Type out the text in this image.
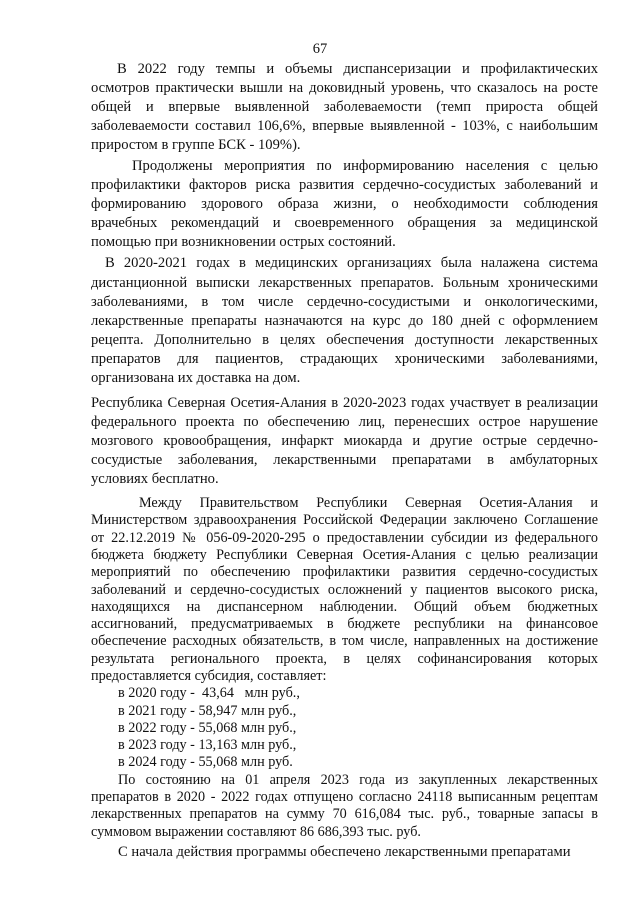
67

В 2022 году темпы и объемы диспансеризации и профилактических осмотров практически вышли на доковидный уровень, что сказалось на росте общей и впервые выявленной заболеваемости (темп прироста общей заболеваемости составил 106,6%, впервые выявленной - 103%, с наибольшим приростом в группе БСК - 109%).

Продолжены мероприятия по информированию населения с целью профилактики факторов риска развития сердечно-сосудистых заболеваний и формированию здорового образа жизни, о необходимости соблюдения врачебных рекомендаций и своевременного обращения за медицинской помощью при возникновении острых состояний.

В 2020-2021 годах в медицинских организациях была налажена система дистанционной выписки лекарственных препаратов. Больным хроническими заболеваниями, в том числе сердечно-сосудистыми и онкологическими, лекарственные препараты назначаются на курс до 180 дней с оформлением рецепта. Дополнительно в целях обеспечения доступности лекарственных препаратов для пациентов, страдающих хроническими заболеваниями, организована их доставка на дом.

Республика Северная Осетия-Алания в 2020-2023 годах участвует в реализации федерального проекта по обеспечению лиц, перенесших острое нарушение мозгового кровообращения, инфаркт миокарда и другие острые сердечно-сосудистые заболевания, лекарственными препаратами в амбулаторных условиях бесплатно.

Между Правительством Республики Северная Осетия-Алания и Министерством здравоохранения Российской Федерации заключено Соглашение от 22.12.2019 № 056-09-2020-295 о предоставлении субсидии из федерального бюджета бюджету Республики Северная Осетия-Алания с целью реализации мероприятий по обеспечению профилактики развития сердечно-сосудистых заболеваний и сердечно-сосудистых осложнений у пациентов высокого риска, находящихся на диспансерном наблюдении. Общий объем бюджетных ассигнований, предусматриваемых в бюджете республики на финансовое обеспечение расходных обязательств, в том числе, направленных на достижение результата регионального проекта, в целях софинансирования которых предоставляется субсидия, составляет:

в 2020 году -  43,64   млн руб.,
в 2021 году - 58,947 млн руб.,
в 2022 году - 55,068 млн руб.,
в 2023 году - 13,163 млн руб.,
в 2024 году - 55,068 млн руб.

По состоянию на 01 апреля 2023 года из закупленных лекарственных препаратов в 2020 - 2022 годах отпущено согласно 24118 выписанным рецептам лекарственных препаратов на сумму 70 616,084 тыс. руб., товарные запасы в суммовом выражении составляют 86 686,393 тыс. руб.

С начала действия программы обеспечено лекарственными препаратами
